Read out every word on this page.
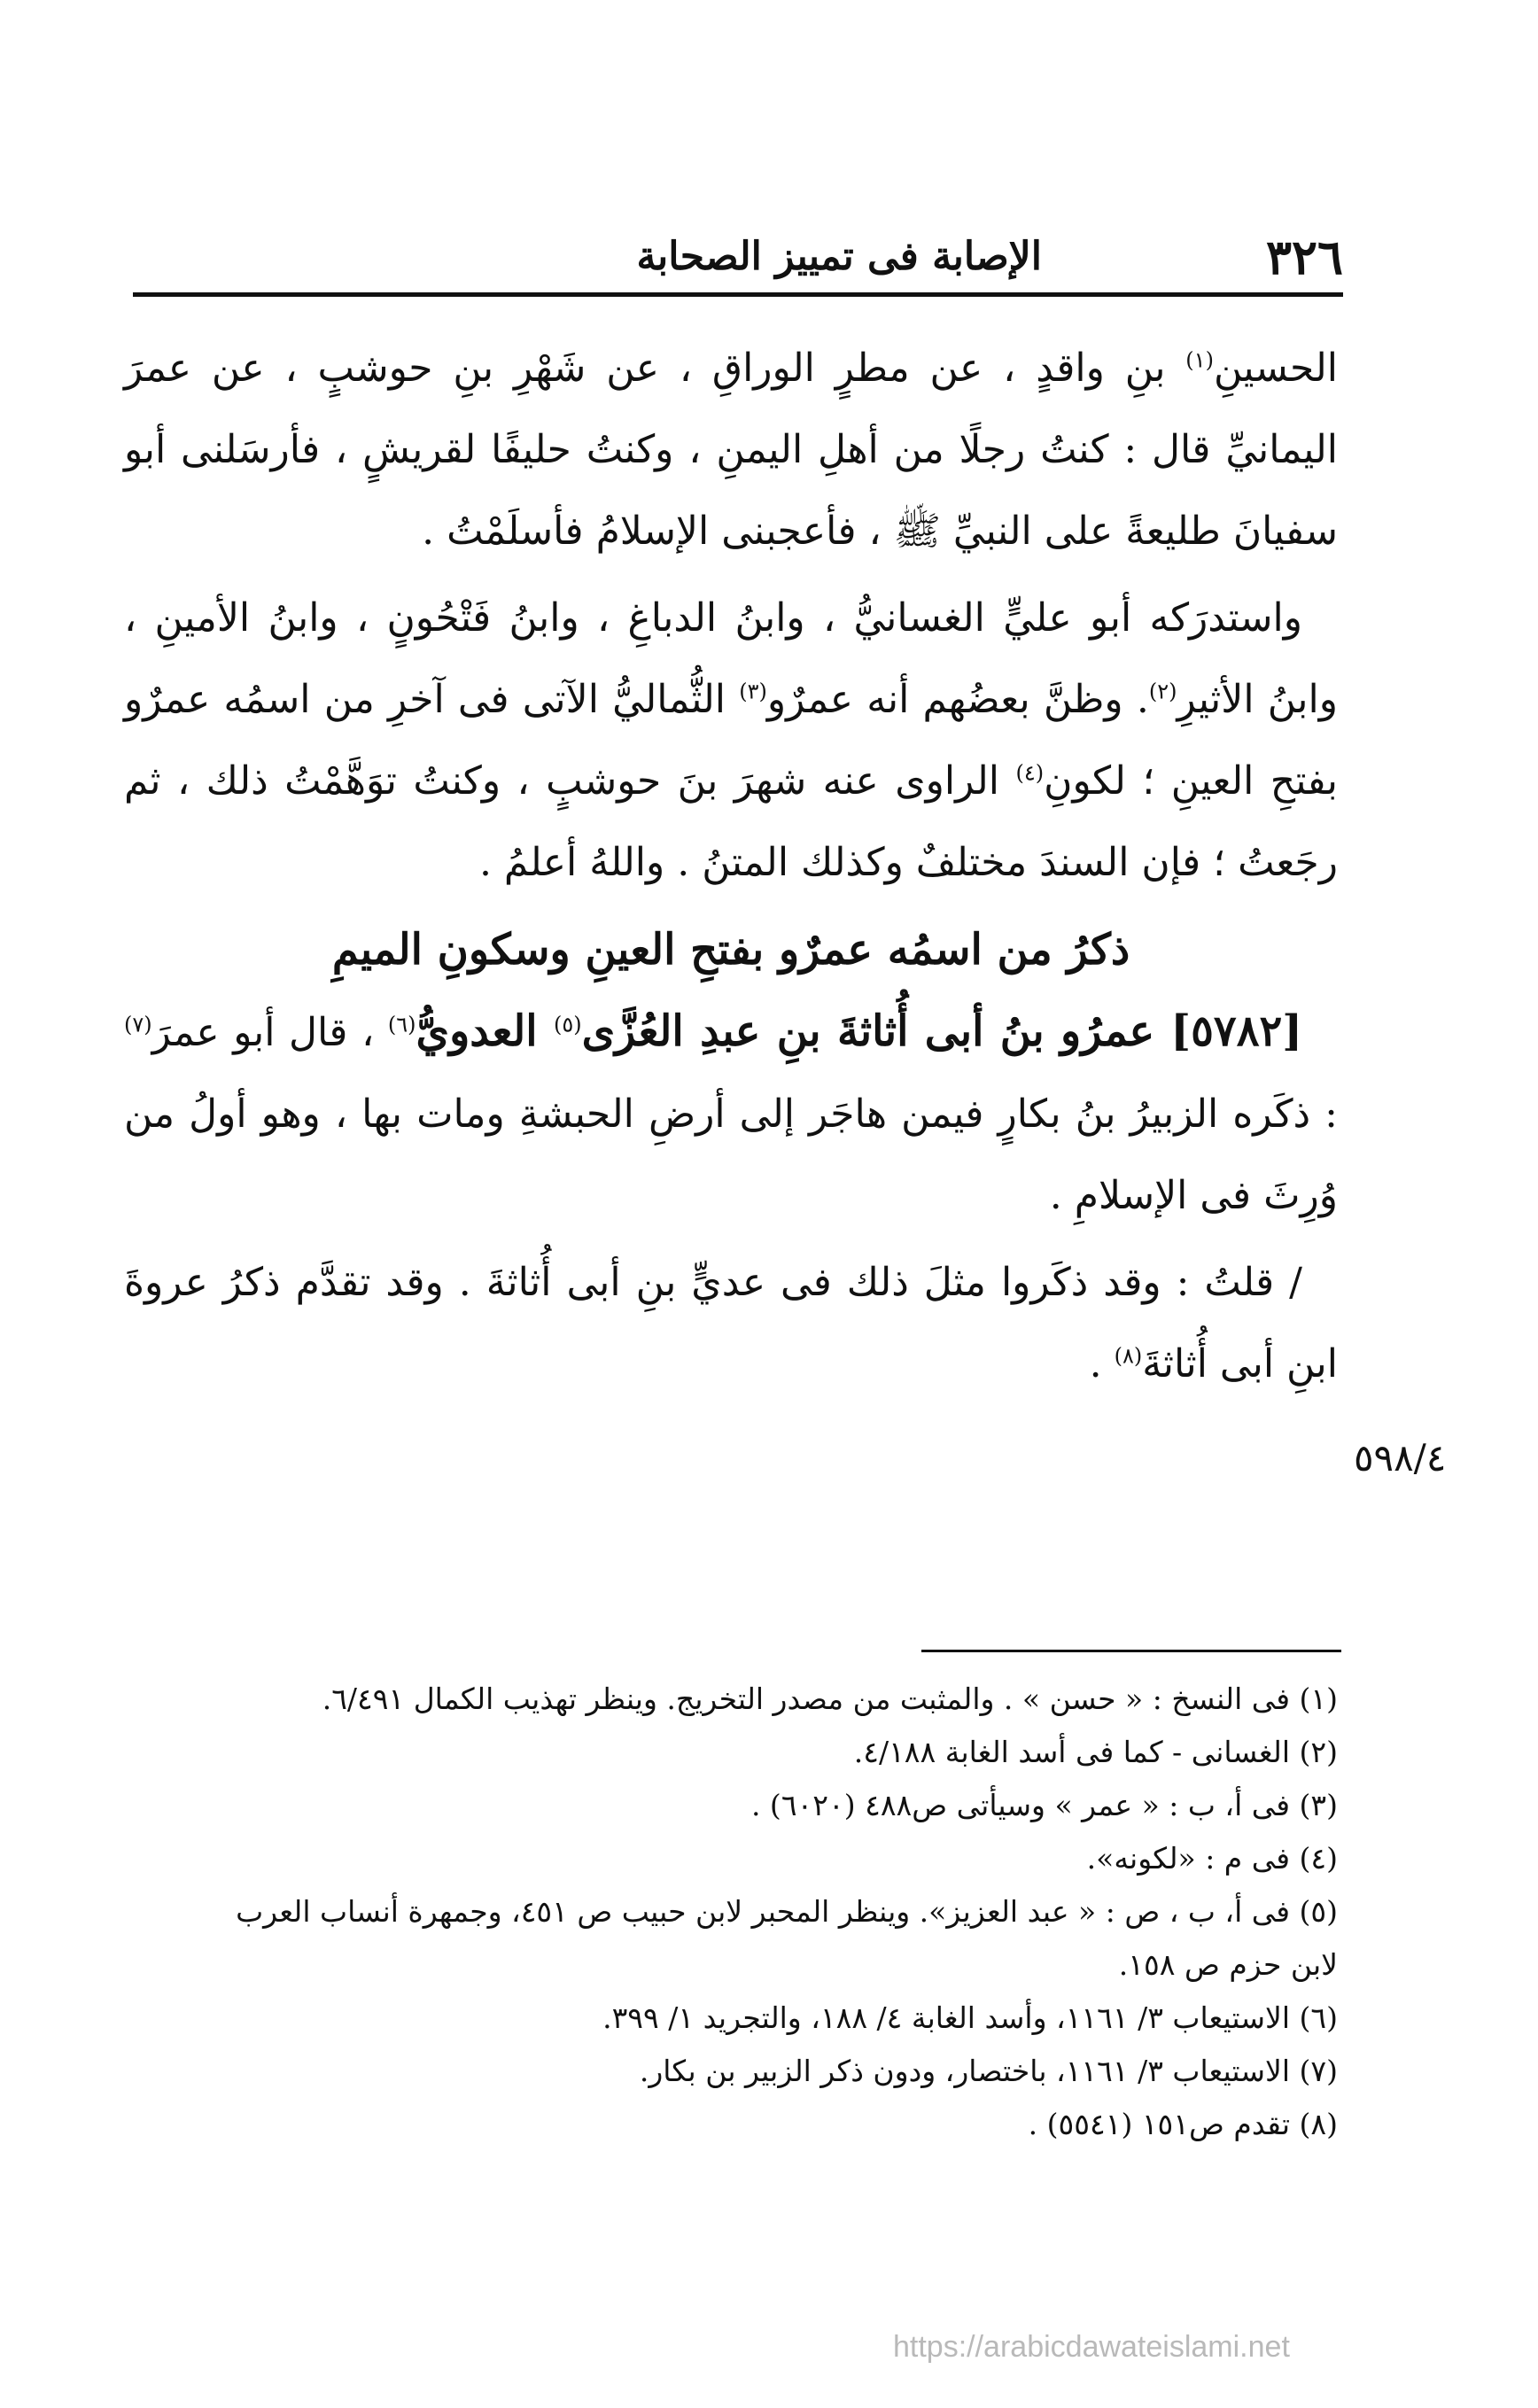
٣٢٦
الإصابة فى تمييز الصحابة

الحسينِ$^{(١)}$ بنِ واقدٍ ، عن مطرٍ الوراقِ ، عن شَهْرِ بنِ حوشبٍ ، عن عمرَ اليمانيِّ قال : كنتُ رجلًا من أهلِ اليمنِ ، وكنتُ حليفًا لقريشٍ ، فأرسَلنى أبو سفيانَ طليعةً على النبيِّ ﷺ ، فأعجبنى الإسلامُ فأسلَمْتُ .

واستدرَكه أبو عليٍّ الغسانيُّ ، وابنُ الدباغِ ، وابنُ فَتْحُونٍ ، وابنُ الأمينِ ، وابنُ الأثيرِ$^{(٢)}$. وظنَّ بعضُهم أنه عمرٌو$^{(٣)}$ الثُّماليُّ الآتى فى آخرِ من اسمُه عمرٌو بفتحِ العينِ ؛ لكونِ$^{(٤)}$ الراوى عنه شهرَ بنَ حوشبٍ ، وكنتُ توَهَّمْتُ ذلك ، ثم رجَعتُ ؛ فإن السندَ مختلفٌ وكذلك المتنُ . واللهُ أعلمُ .

ذكرُ من اسمُه عمرٌو بفتحِ العينِ وسكونِ الميمِ

[٥٧٨٢] عمرُو بنُ أبى أُثاثةَ بنِ عبدِ العُزَّى$^{(٥)}$ العدويُّ$^{(٦)}$ ، قال أبو عمرَ$^{(٧)}$ : ذكَره الزبيرُ بنُ بكارٍ فيمن هاجَر إلى أرضِ الحبشةِ ومات بها ، وهو أولُ من وُرِثَ فى الإسلامِ .

/ قلتُ : وقد ذكَروا مثلَ ذلك فى عديٍّ بنِ أبى أُثاثةَ . وقد تقدَّم ذكرُ عروةَ ابنِ أبى أُثاثةَ$^{(٨)}$ .

٥٩٨/٤

(١) فى النسخ : « حسن » . والمثبت من مصدر التخريج. وينظر تهذيب الكمال ٦/٤٩١.

(٢) الغسانى - كما فى أسد الغابة ٤/١٨٨.

(٣) فى أ، ب : « عمر » وسيأتى ص٤٨٨ (٦٠٢٠) .

(٤) فى م : «لكونه».

(٥) فى أ، ب ، ص : « عبد العزيز». وينظر المحبر لابن حبيب ص ٤٥١، وجمهرة أنساب العرب
لابن حزم ص ١٥٨.

(٦) الاستيعاب ٣/ ١١٦١، وأسد الغابة ٤/ ١٨٨، والتجريد ١/ ٣٩٩.

(٧) الاستيعاب ٣/ ١١٦١، باختصار، ودون ذكر الزبير بن بكار.

(٨) تقدم ص١٥١ (٥٥٤١) .

https://arabicdawateislami.net
